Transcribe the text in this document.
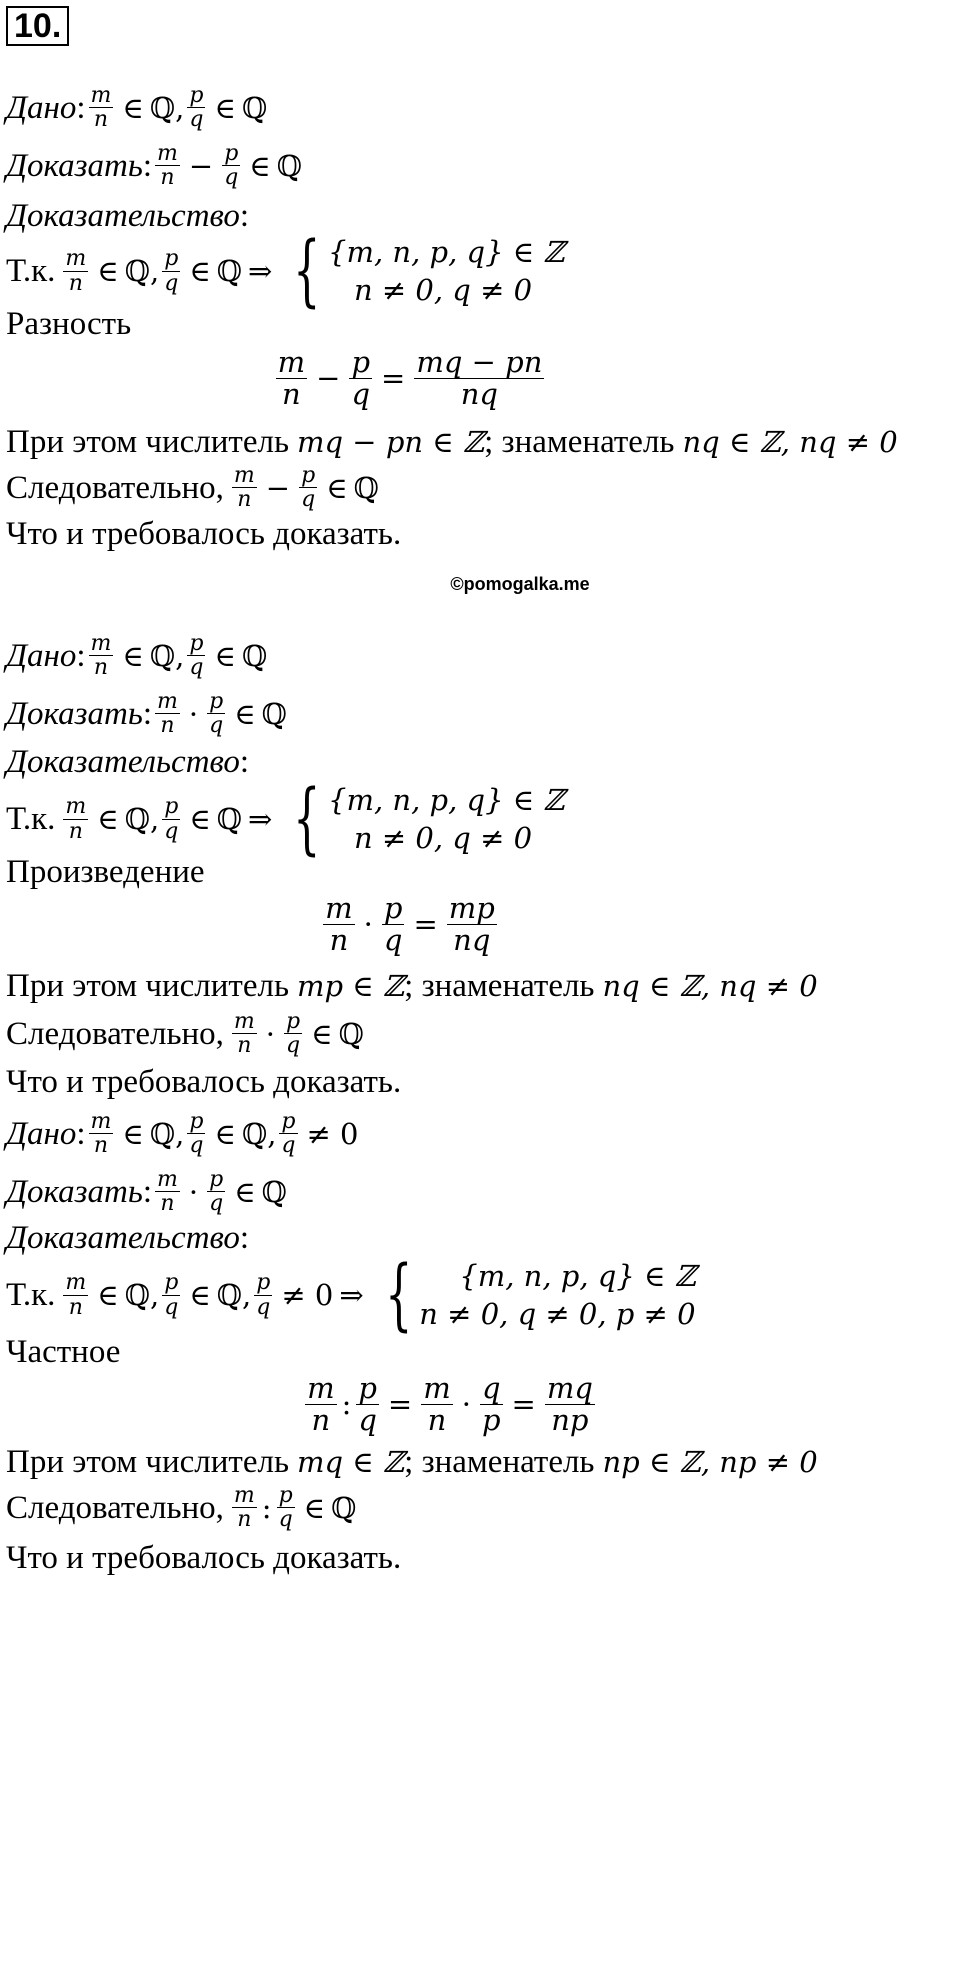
10.
Дано : $\frac{m}{n}$ ∈ ℚ , $\frac{p}{q}$ ∈ ℚ
Доказать : $\frac{m}{n} - \frac{p}{q}$ ∈ ℚ
Доказательство :
Т.к. $\frac{m}{n}$ ∈ ℚ , $\frac{p}{q}$ ∈ ℚ ⇒ { {m, n, p, q} ∈ ℤ
n ≠ 0, q ≠ 0
Разность
$\frac{m}{n} - \frac{p}{q} = \frac{mq - pn}{nq}$
При этом числитель mq − pn ∈ ℤ ; знаменатель nq ∈ ℤ, nq ≠ 0
Следовательно, $\frac{m}{n} - \frac{p}{q}$ ∈ ℚ
Что и требовалось доказать.
©pomogalka.me
Дано : $\frac{m}{n}$ ∈ ℚ , $\frac{p}{q}$ ∈ ℚ
Доказать : $\frac{m}{n} \cdot \frac{p}{q}$ ∈ ℚ
Доказательство :
Т.к. $\frac{m}{n}$ ∈ ℚ , $\frac{p}{q}$ ∈ ℚ ⇒ { {m, n, p, q} ∈ ℤ
n ≠ 0, q ≠ 0
Произведение
$\frac{m}{n} \cdot \frac{p}{q} = \frac{mp}{nq}$
При этом числитель mp ∈ ℤ ; знаменатель nq ∈ ℤ, nq ≠ 0
Следовательно, $\frac{m}{n} \cdot \frac{p}{q}$ ∈ ℚ
Что и требовалось доказать.
Дано : $\frac{m}{n}$ ∈ ℚ , $\frac{p}{q}$ ∈ ℚ , $\frac{p}{q} \ne 0$
Доказать : $\frac{m}{n} \cdot \frac{p}{q}$ ∈ ℚ
Доказательство :
Т.к. $\frac{m}{n}$ ∈ ℚ , $\frac{p}{q}$ ∈ ℚ , $\frac{p}{q} \ne 0$ ⇒ {	{m, n, p, q} ∈ ℤ
n ≠ 0, q ≠ 0, p ≠ 0
Частное
$\frac{m}{n}$ : $\frac{p}{q} = \frac{m}{n} \cdot \frac{q}{p} = \frac{mq}{np}$
При этом числитель mq ∈ ℤ ; знаменатель np ∈ ℤ, np ≠ 0
Следовательно, $\frac{m}{n}$ : $\frac{p}{q}$ ∈ ℚ
Что и требовалось доказать.
